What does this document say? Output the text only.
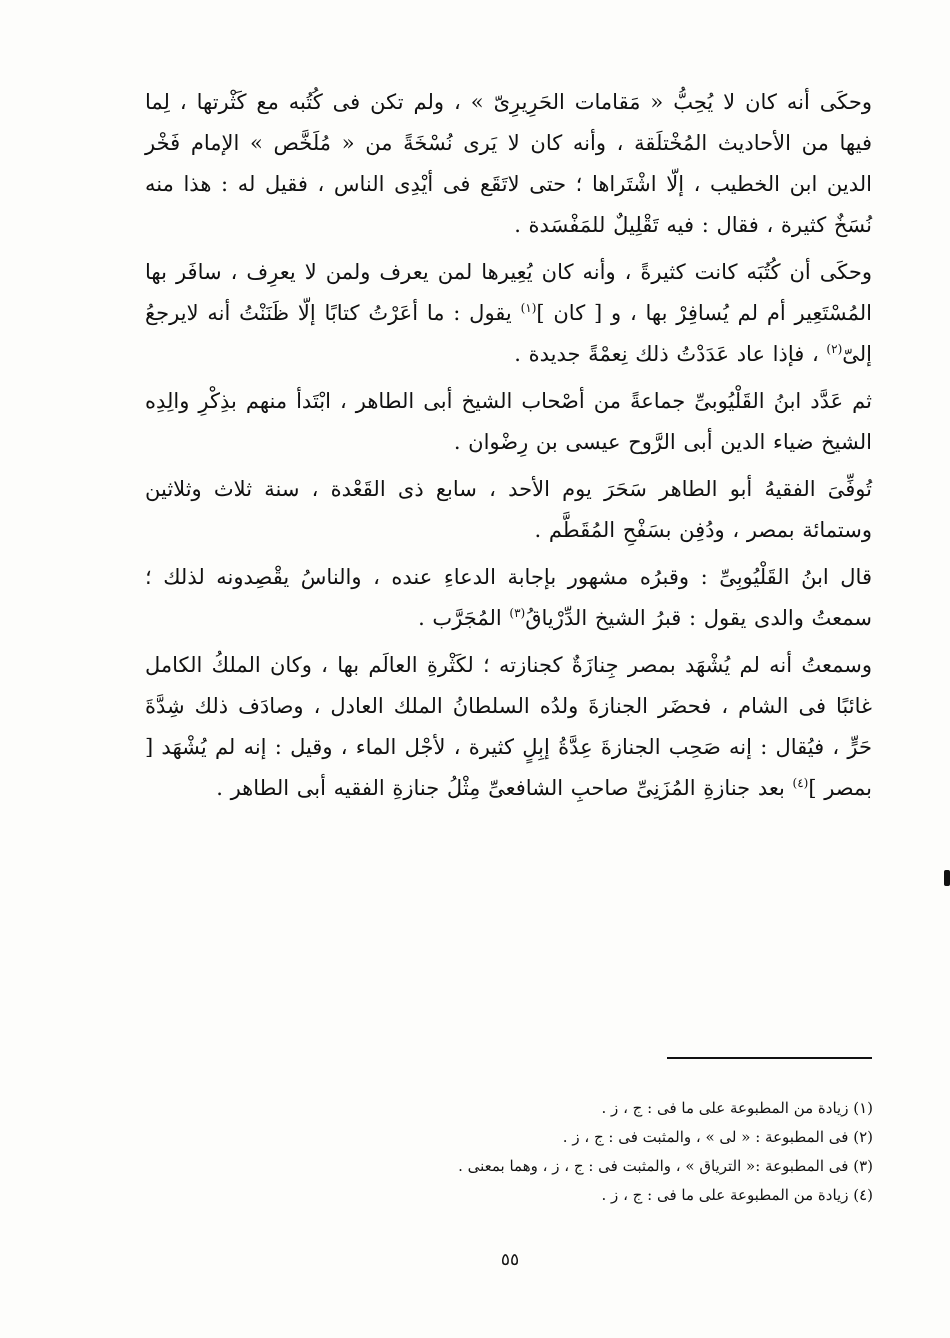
وحكَى أنه كان لا يُحِبُّ « مَقامات الحَرِيرِىّ » ، ولم تكن فى كُتُبه مع كَثْرتها ، لِما فيها من الأحاديث المُخْتلَقة ، وأنه كان لا يَرى نُسْخَةً من « مُلَخَّص » الإمام فَخْر الدين ابن الخطيب ، إلّا اشْتَراها ؛ حتى لاتَقَع فى أيْدِى الناس ، فقيل له : هذا منه نُسَخٌ كثيرة ، فقال : فيه تَقْلِيلٌ للمَفْسَدة .

وحكَى أن كُتُبَه كانت كثيرةً ، وأنه كان يُعِيرها لمن يعرف ولمن لا يعرِف ، سافَر بها المُسْتَعِير أم لم يُسافِرْ بها ، و [ كان ]$^{(١)}$ يقول : ما أعَرْتُ كتابًا إلّا ظَنَنْتُ أنه لايرجعُ إلىّ$^{(٢)}$ ، فإذا عاد عَدَدْتُ ذلك نِعمْةً جديدة .

ثم عَدَّد ابنُ القَلْيُوبىِّ جماعةً من أصْحاب الشيخ أبى الطاهر ، ابْتَدأ منهم بذِكْرِ والِدِه الشيخ ضياء الدين أبى الرَّوح عيسى بن رِضْوان .

تُوفِّىَ الفقيهُ أبو الطاهر سَحَرَ يوم الأحد ، سابع ذى القَعْدة ، سنة ثلاث وثلاثين وستمائة بمصر ، ودُفِن بسَفْحِ المُقَطَّم .

قال ابنُ القَلْيُوبِىِّ : وقبرُه مشهور بإجابة الدعاءِ عنده ، والناسُ يقْصِدونه لذلك ؛ سمعتُ والدى يقول : قبرُ الشيخ الدِّرْياقُ$^{(٣)}$ المُجَرَّب .

وسمعتُ أنه لم يُشْهَد بمصر جِنازَةٌ كجنازته ؛ لكَثْرةِ العالَم بها ، وكان الملكُ الكامل غائبًا فى الشام ، فحضَر الجنازةَ ولدُه السلطانُ الملك العادل ، وصادَف ذلك شِدَّةَ حَرٍّ ، فيُقال : إنه صَحِب الجنازةَ عِدَّةُ إبِلٍ كثيرة ، لأجْل الماء ، وقيل : إنه لم يُشْهَد [ بمصر ]$^{(٤)}$ بعد جنازةِ المُزَنِىِّ صاحبِ الشافعىِّ مِثْلُ جنازةِ الفقيه أبى الطاهر .

(١) زيادة من المطبوعة على ما فى : ج ، ز .

(٢) فى المطبوعة : « لى » ، والمثبت فى : ج ، ز .

(٣) فى المطبوعة :« الترياق » ، والمثبت فى : ج ، ز ، وهما بمعنى .

(٤) زيادة من المطبوعة على ما فى : ج ، ز .

٥٥
